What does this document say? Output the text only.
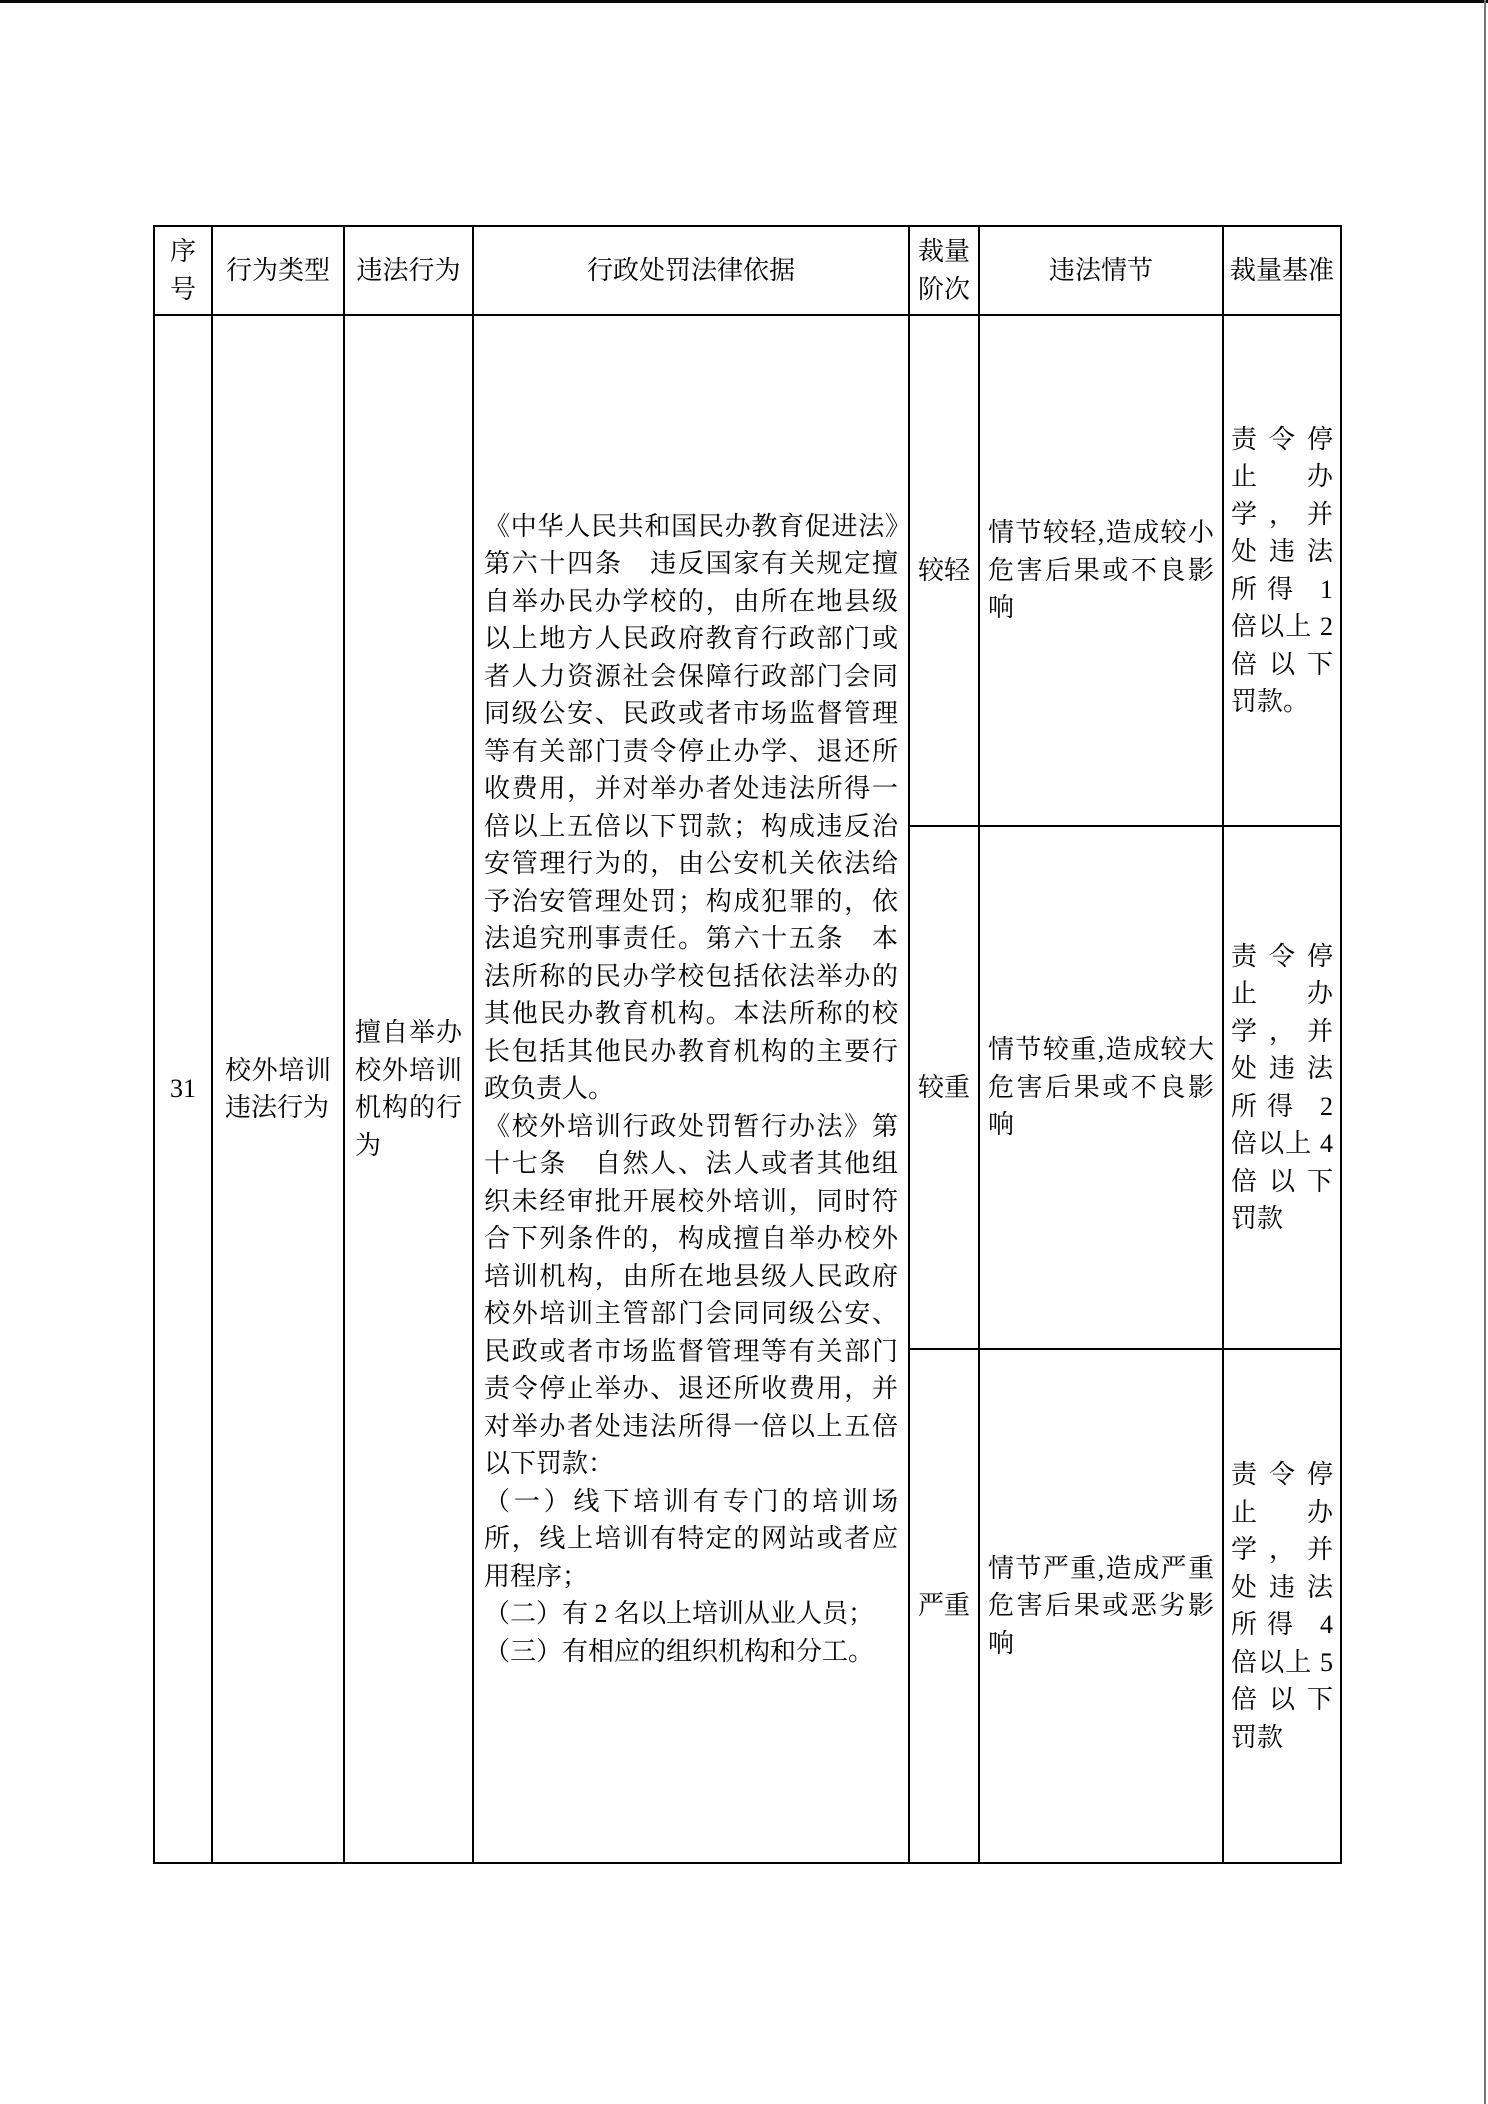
序号	行为类型	违法行为	行政处罚法律依据	裁量阶次	违法情节	裁量基准
31	校外培训违法行为	擅自举办校外培训机构的行为	《中华人民共和国民办教育促进法》第六十四条　违反国家有关规定擅自举办民办学校的，由所在地县级以上地方人民政府教育行政部门或者人力资源社会保障行政部门会同同级公安、民政或者市场监督管理等有关部门责令停止办学、退还所收费用，并对举办者处违法所得一倍以上五倍以下罚款；构成违反治安管理行为的，由公安机关依法给予治安管理处罚；构成犯罪的，依法追究刑事责任。第六十五条　本法所称的民办学校包括依法举办的其他民办教育机构。本法所称的校长包括其他民办教育机构的主要行政负责人。

《校外培训行政处罚暂行办法》第十七条　自然人、法人或者其他组织未经审批开展校外培训，同时符合下列条件的，构成擅自举办校外培训机构，由所在地县级人民政府校外培训主管部门会同同级公安、民政或者市场监督管理等有关部门责令停止举办、退还所收费用，并对举办者处违法所得一倍以上五倍以下罚款：

（一）线下培训有专门的培训场所，线上培训有特定的网站或者应用程序；

（二）有 2 名以上培训从业人员；

（三）有相应的组织机构和分工。	较轻	情节较轻,造成较小危害后果或不良影响	责令停止办学，并处违法所得 1 倍以上 2 倍以下罚款。
				较重	情节较重,造成较大危害后果或不良影响	责令停止办学，并处违法所得 2 倍以上 4 倍以下罚款
				严重	情节严重,造成严重危害后果或恶劣影响	责令停止办学，并处违法所得 4 倍以上 5 倍以下罚款
